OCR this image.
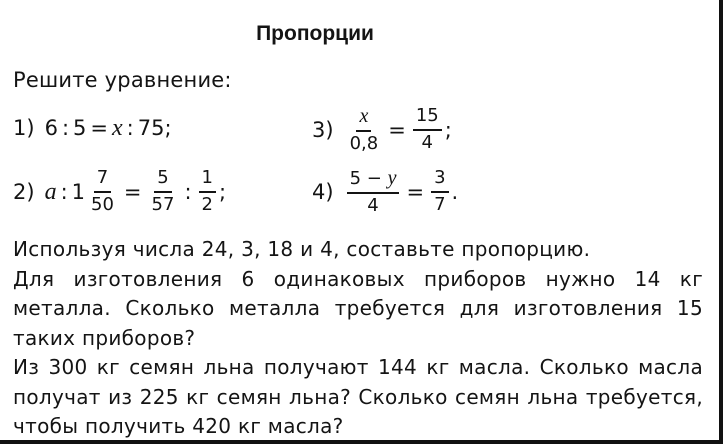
Пропорции
Решите уравнение:
1) 6 : 5 = x : 75 ;
2) a : $1 \frac{7}{50} = \frac{5}{57}$ : $\frac{1}{2}$ ;
$3) \frac{x}{0,8} = \frac{15}{4}$ ;
$4) \frac{5 - y}{4} = \frac{3}{7}$ .

Используя числа 24, 3, 18 и 4, составьте пропорцию.

Для изготовления 6 одинаковых приборов нужно 14 кг металла. Сколько металла требуется для изготовления 15 таких приборов?

Из 300 кг семян льна получают 144 кг масла. Сколько масла получат из 225 кг семян льна? Сколько семян льна требуется, чтобы получить 420 кг масла?
